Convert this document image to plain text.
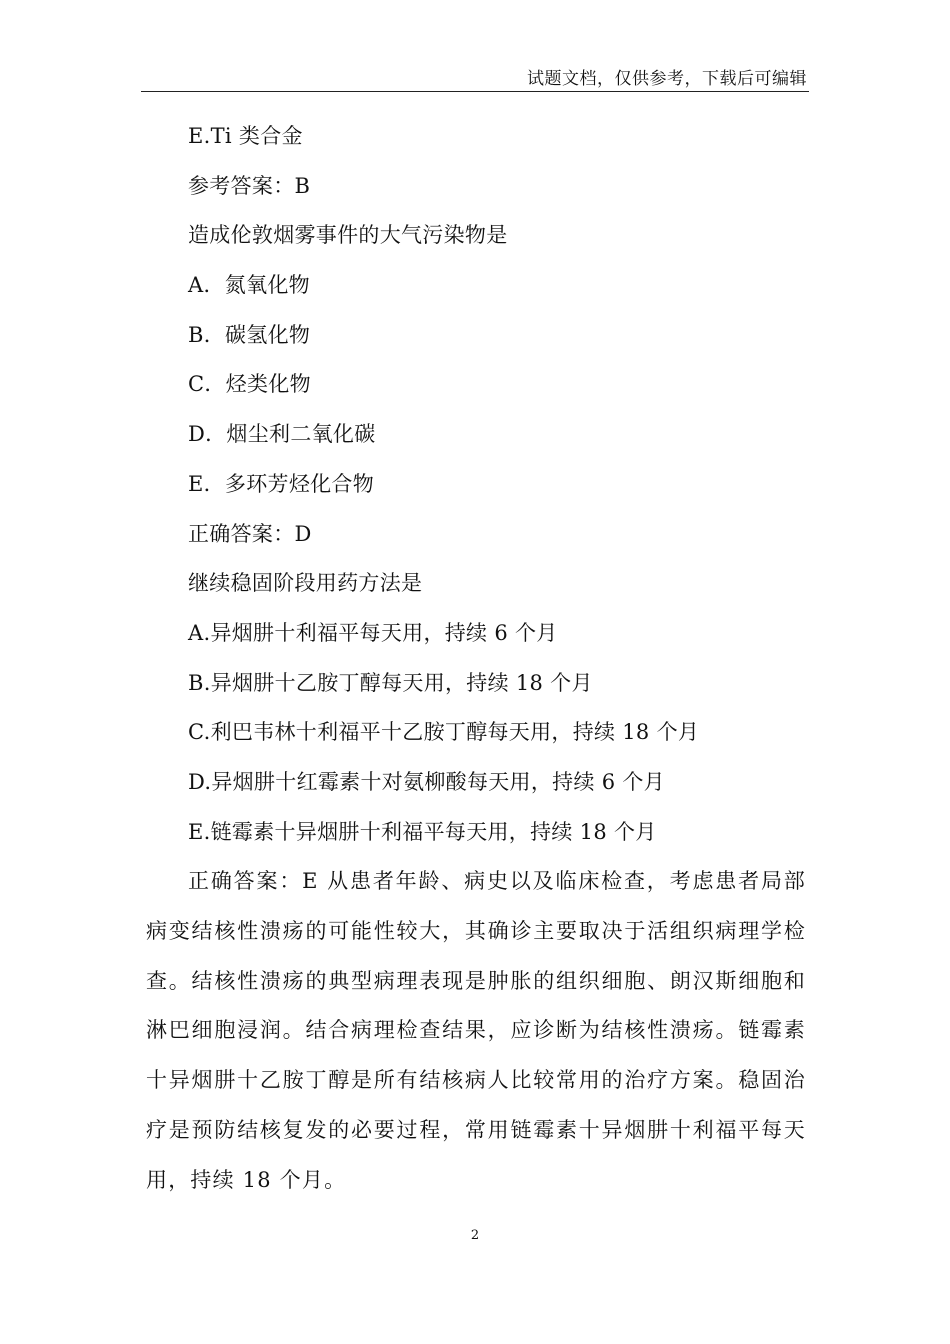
试题文档，仅供参考，下载后可编辑
E.Ti 类合金
参考答案：B
造成伦敦烟雾事件的大气污染物是
A．氮氧化物
B．碳氢化物
C．烃类化物
D．烟尘利二氧化碳
E．多环芳烃化合物
正确答案：D
继续稳固阶段用药方法是
A.异烟肼十利福平每天用，持续 6 个月
B.异烟肼十乙胺丁醇每天用，持续 18 个月
C.利巴韦林十利福平十乙胺丁醇每天用，持续 18 个月
D.异烟肼十红霉素十对氨柳酸每天用，持续 6 个月
E.链霉素十异烟肼十利福平每天用，持续 18 个月

正确答案：E 从患者年龄、病史以及临床检查，考虑患者局部病变结核性溃疡的可能性较大，其确诊主要取决于活组织病理学检查。结核性溃疡的典型病理表现是肿胀的组织细胞、朗汉斯细胞和淋巴细胞浸润。结合病理检查结果，应诊断为结核性溃疡。链霉素十异烟肼十乙胺丁醇是所有结核病人比较常用的治疗方案。稳固治疗是预防结核复发的必要过程，常用链霉素十异烟肼十利福平每天用，持续 18 个月。

2
